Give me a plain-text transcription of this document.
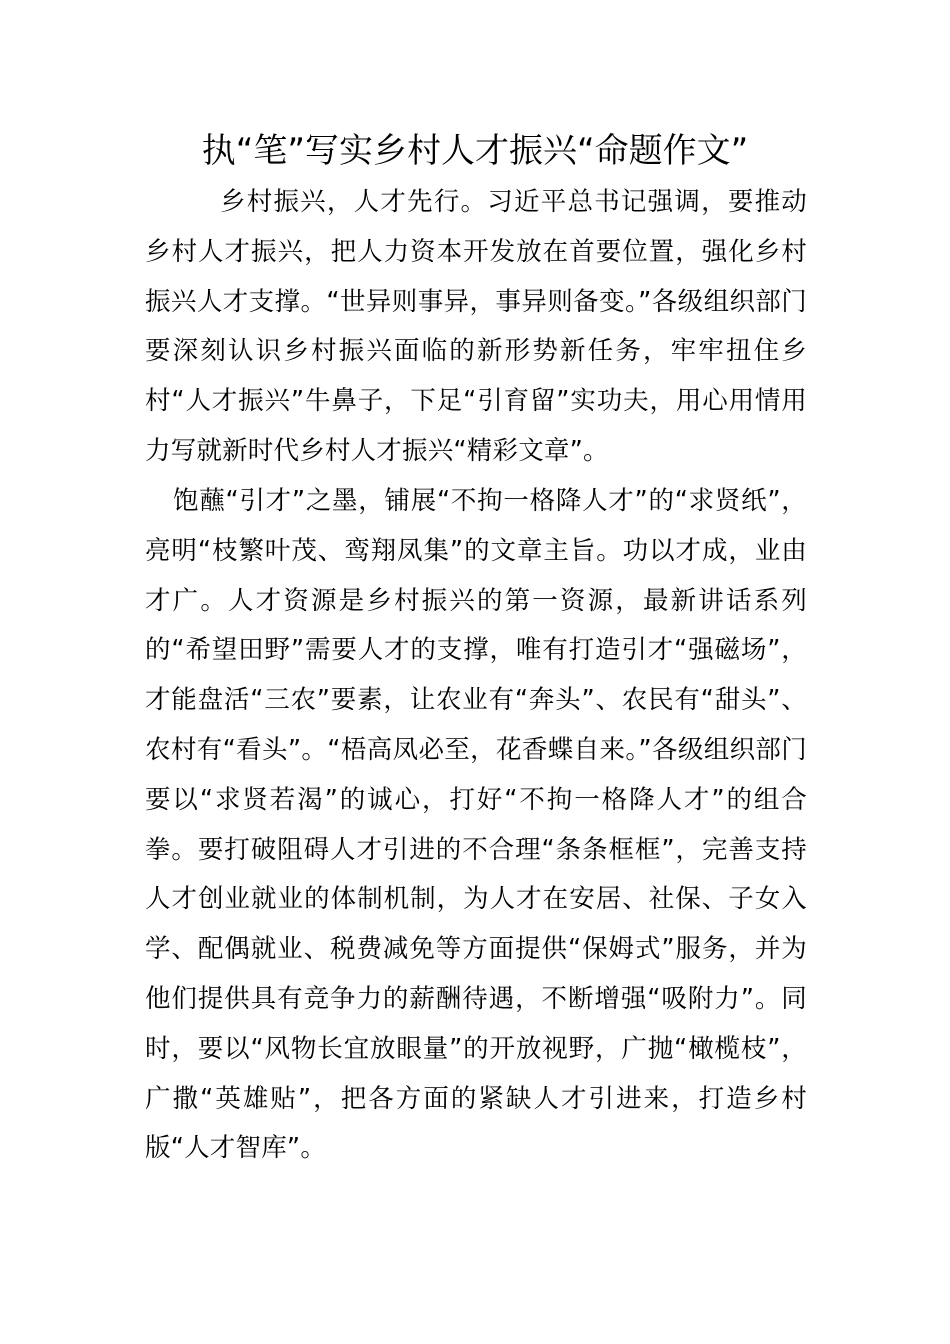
执“笔”写实乡村人才振兴“命题作文”

乡村振兴，人才先行。习近平总书记强调，要推动乡村人才振兴，把人力资本开发放在首要位置，强化乡村振兴人才支撑。“世异则事异，事异则备变。”各级组织部门要深刻认识乡村振兴面临的新形势新任务，牢牢扭住乡村“人才振兴”牛鼻子，下足“引育留”实功夫，用心用情用力写就新时代乡村人才振兴“精彩文章”。

饱蘸“引才”之墨，铺展“不拘一格降人才”的“求贤纸”，亮明“枝繁叶茂、鸾翔凤集”的文章主旨。功以才成，业由才广。人才资源是乡村振兴的第一资源，最新讲话系列的“希望田野”需要人才的支撑，唯有打造引才“强磁场”，才能盘活“三农”要素，让农业有“奔头”、农民有“甜头”、农村有“看头”。“梧高凤必至，花香蝶自来。”各级组织部门要以“求贤若渴”的诚心，打好“不拘一格降人才”的组合拳。要打破阻碍人才引进的不合理“条条框框”，完善支持人才创业就业的体制机制，为人才在安居、社保、子女入学、配偶就业、税费减免等方面提供“保姆式”服务，并为他们提供具有竞争力的薪酬待遇，不断增强“吸附力”。同时，要以“风物长宜放眼量”的开放视野，广抛“橄榄枝”，广撒“英雄贴”，把各方面的紧缺人才引进来，打造乡村版“人才智库”。
